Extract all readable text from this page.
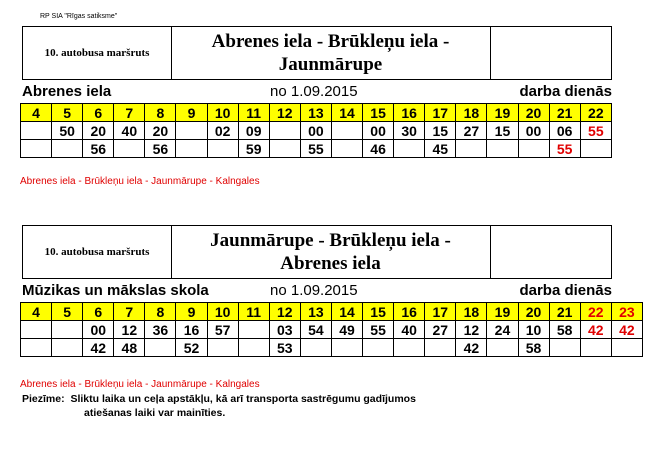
RP SIA "Rīgas satiksme"
10. autobusa maršruts
Abrenes iela - Brūkleņu iela -
Jaunmārupe
Abrenes iela	no 1.09.2015	darba dienās
4	5	6	7	8	9	10	11	12	13	14	15	16	17	18	19	20	21	22
	50	20	40	20		02	09		00		00	30	15	27	15	00	06	55
		56		56			59		55		46		45				55	
Abrenes iela - Brūkleņu iela - Jaunmārupe - Kalngales
10. autobusa maršruts
Jaunmārupe - Brūkleņu iela -
Abrenes iela
Mūzikas un mākslas skola	no 1.09.2015	darba dienās
4	5	6	7	8	9	10	11	12	13	14	15	16	17	18	19	20	21	22	23
		00	12	36	16	57		03	54	49	55	40	27	12	24	10	58	42	42
		42	48		52			53						42		58			
Abrenes iela - Brūkleņu iela - Jaunmārupe - Kalngales
Piezīme: Sliktu laika un ceļa apstākļu, kā arī transporta sastrēgumu gadījumos
atiešanas laiki var mainīties.
